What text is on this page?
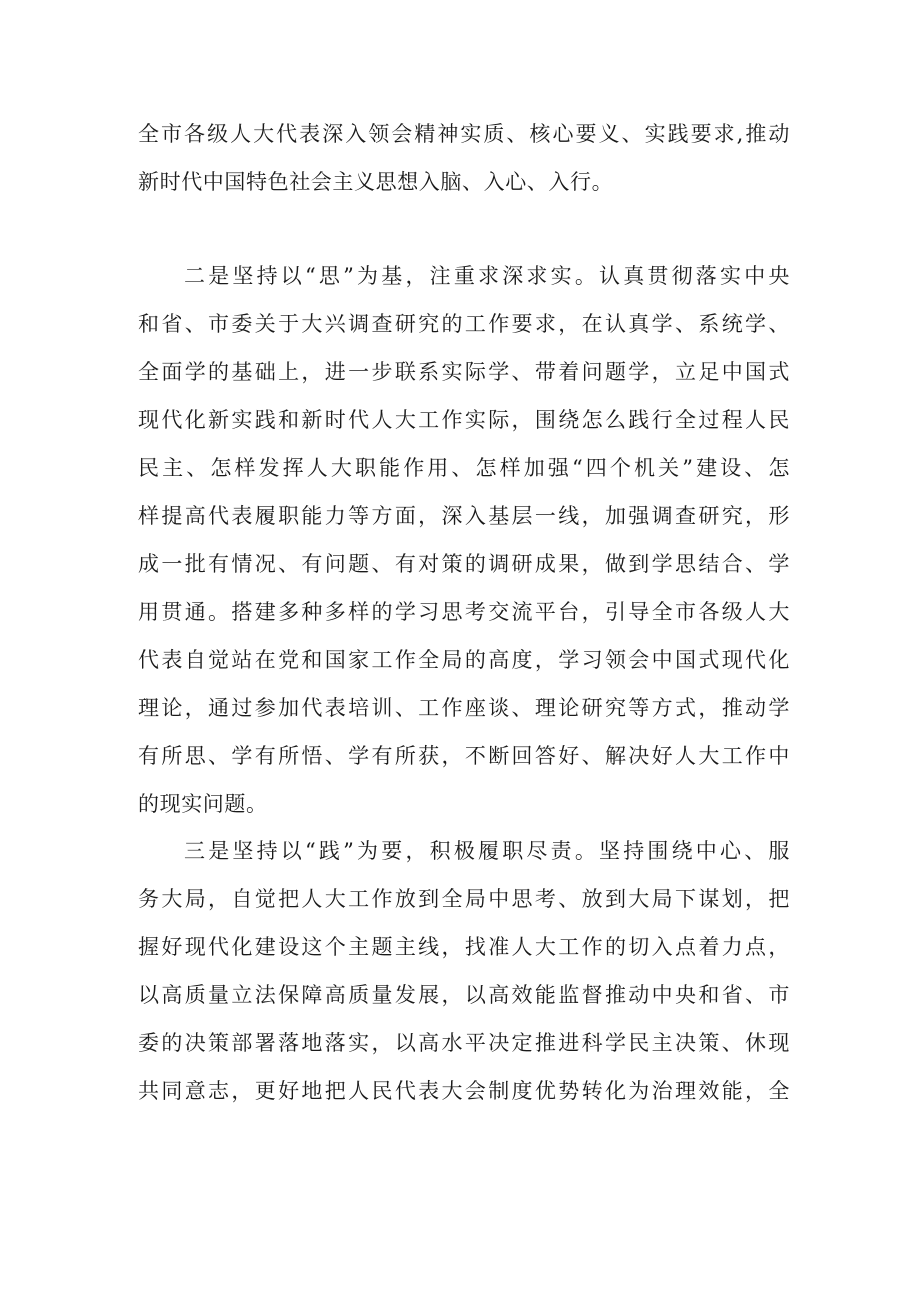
全市各级人大代表深入领会精神实质、核心要义、实践要求,推动
新时代中国特色社会主义思想入脑、入心、入行。
二是坚持以“思”为基，注重求深求实。认真贯彻落实中央
和省、市委关于大兴调查研究的工作要求，在认真学、系统学、
全面学的基础上，进一步联系实际学、带着问题学，立足中国式
现代化新实践和新时代人大工作实际，围绕怎么践行全过程人民
民主、怎样发挥人大职能作用、怎样加强“四个机关”建设、怎
样提高代表履职能力等方面，深入基层一线，加强调查研究，形
成一批有情况、有问题、有对策的调研成果，做到学思结合、学
用贯通。搭建多种多样的学习思考交流平台，引导全市各级人大
代表自觉站在党和国家工作全局的高度，学习领会中国式现代化
理论，通过参加代表培训、工作座谈、理论研究等方式，推动学
有所思、学有所悟、学有所获，不断回答好、解决好人大工作中
的现实问题。
三是坚持以“践”为要，积极履职尽责。坚持围绕中心、服
务大局，自觉把人大工作放到全局中思考、放到大局下谋划，把
握好现代化建设这个主题主线，找准人大工作的切入点着力点，
以高质量立法保障高质量发展，以高效能监督推动中央和省、市
委的决策部署落地落实，以高水平决定推进科学民主决策、休现
共同意志，更好地把人民代表大会制度优势转化为治理效能，全
